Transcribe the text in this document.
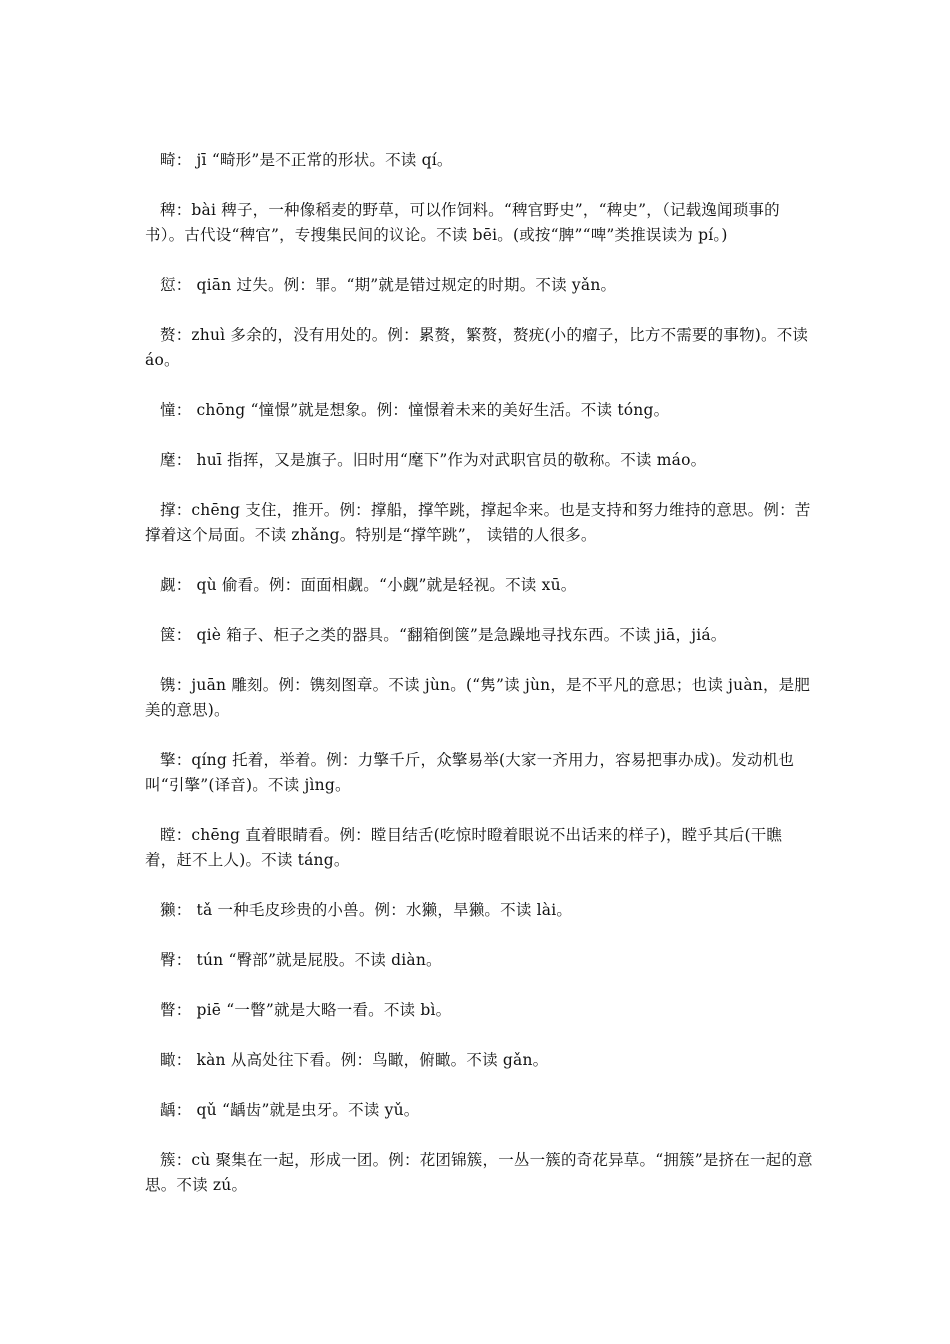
畸： jī “畸形”是不正常的形状。不读 qí。

稗：bài 稗子，一种像稻麦的野草，可以作饲料。“稗官野史”，“稗史”，（记载逸闻琐事的书）。古代设“稗官”，专搜集民间的议论。不读 bēi。(或按“脾”“啤”类推误读为 pí。)

愆： qiān 过失。例：罪。“期”就是错过规定的时期。不读 yǎn。

赘：zhuì 多余的，没有用处的。例：累赘，繁赘，赘疣(小的瘤子，比方不需要的事物)。不读 áo。

憧： chōng “憧憬”就是想象。例：憧憬着未来的美好生活。不读 tóng。

麾： huī 指挥，又是旗子。旧时用“麾下”作为对武职官员的敬称。不读 máo。

撑：chēng 支住，推开。例：撑船，撑竿跳，撑起伞来。也是支持和努力维持的意思。例：苦撑着这个局面。不读 zhǎng。特别是“撑竿跳”， 读错的人很多。

觑： qù 偷看。例：面面相觑。“小觑”就是轻视。不读 xū。

箧： qiè 箱子、柜子之类的器具。“翻箱倒箧”是急躁地寻找东西。不读 jiā，jiá。

镌：juān 雕刻。例：镌刻图章。不读 jùn。(“隽”读 jùn，是不平凡的意思；也读 juàn，是肥美的意思)。

擎：qíng 托着，举着。例：力擎千斤，众擎易举(大家一齐用力，容易把事办成)。发动机也叫“引擎”(译音)。不读 jìng。

瞠：chēng 直着眼睛看。例：瞠目结舌(吃惊时瞪着眼说不出话来的样子)，瞠乎其后(干瞧着，赶不上人)。不读 táng。

獭： tǎ 一种毛皮珍贵的小兽。例：水獭，旱獭。不读 lài。

臀： tún “臀部”就是屁股。不读 diàn。

瞥： piē “一瞥”就是大略一看。不读 bì。

瞰： kàn 从高处往下看。例：鸟瞰，俯瞰。不读 gǎn。

龋： qǔ “龋齿”就是虫牙。不读 yǔ。

簇：cù 聚集在一起，形成一团。例：花团锦簇，一丛一簇的奇花异草。“拥簇”是挤在一起的意思。不读 zú。
